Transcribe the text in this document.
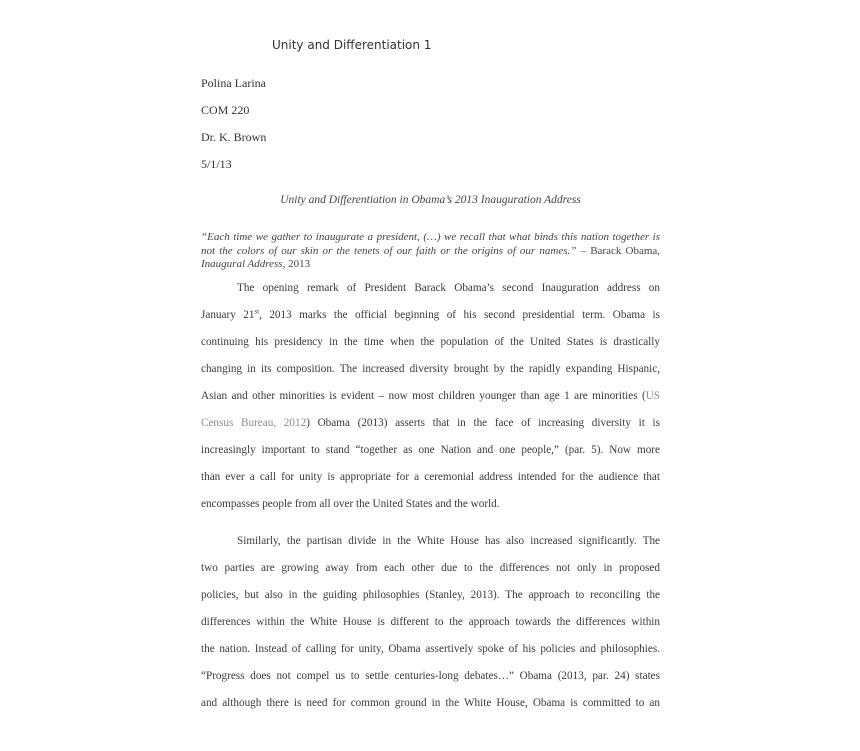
Unity and Differentiation 1
Polina Larina
COM 220
Dr. K. Brown
5/1/13
Unity and Differentiation in Obama’s 2013 Inauguration Address
“Each time we gather to inaugurate a president, (…) we recall that what binds this nation together is not the colors of our skin or the tenets of our faith or the origins of our names.” – Barack Obama, Inaugural Address, 2013
The opening remark of President Barack Obama’s second Inauguration address on
January 21st, 2013 marks the official beginning of his second presidential term. Obama is
continuing his presidency in the time when the population of the United States is drastically
changing in its composition. The increased diversity brought by the rapidly expanding Hispanic,
Asian and other minorities is evident – now most children younger than age 1 are minorities (US
Census Bureau, 2012) Obama (2013) asserts that in the face of increasing diversity it is
increasingly important to stand “together as one Nation and one people,” (par. 5). Now more
than ever a call for unity is appropriate for a ceremonial address intended for the audience that
encompasses people from all over the United States and the world.
Similarly, the partisan divide in the White House has also increased significantly. The
two parties are growing away from each other due to the differences not only in proposed
policies, but also in the guiding philosophies (Stanley, 2013). The approach to reconciling the
differences within the White House is different to the approach towards the differences within
the nation. Instead of calling for unity, Obama assertively spoke of his policies and philosophies.
“Progress does not compel us to settle centuries-long debates…” Obama (2013, par. 24) states
and although there is need for common ground in the White House, Obama is committed to an
